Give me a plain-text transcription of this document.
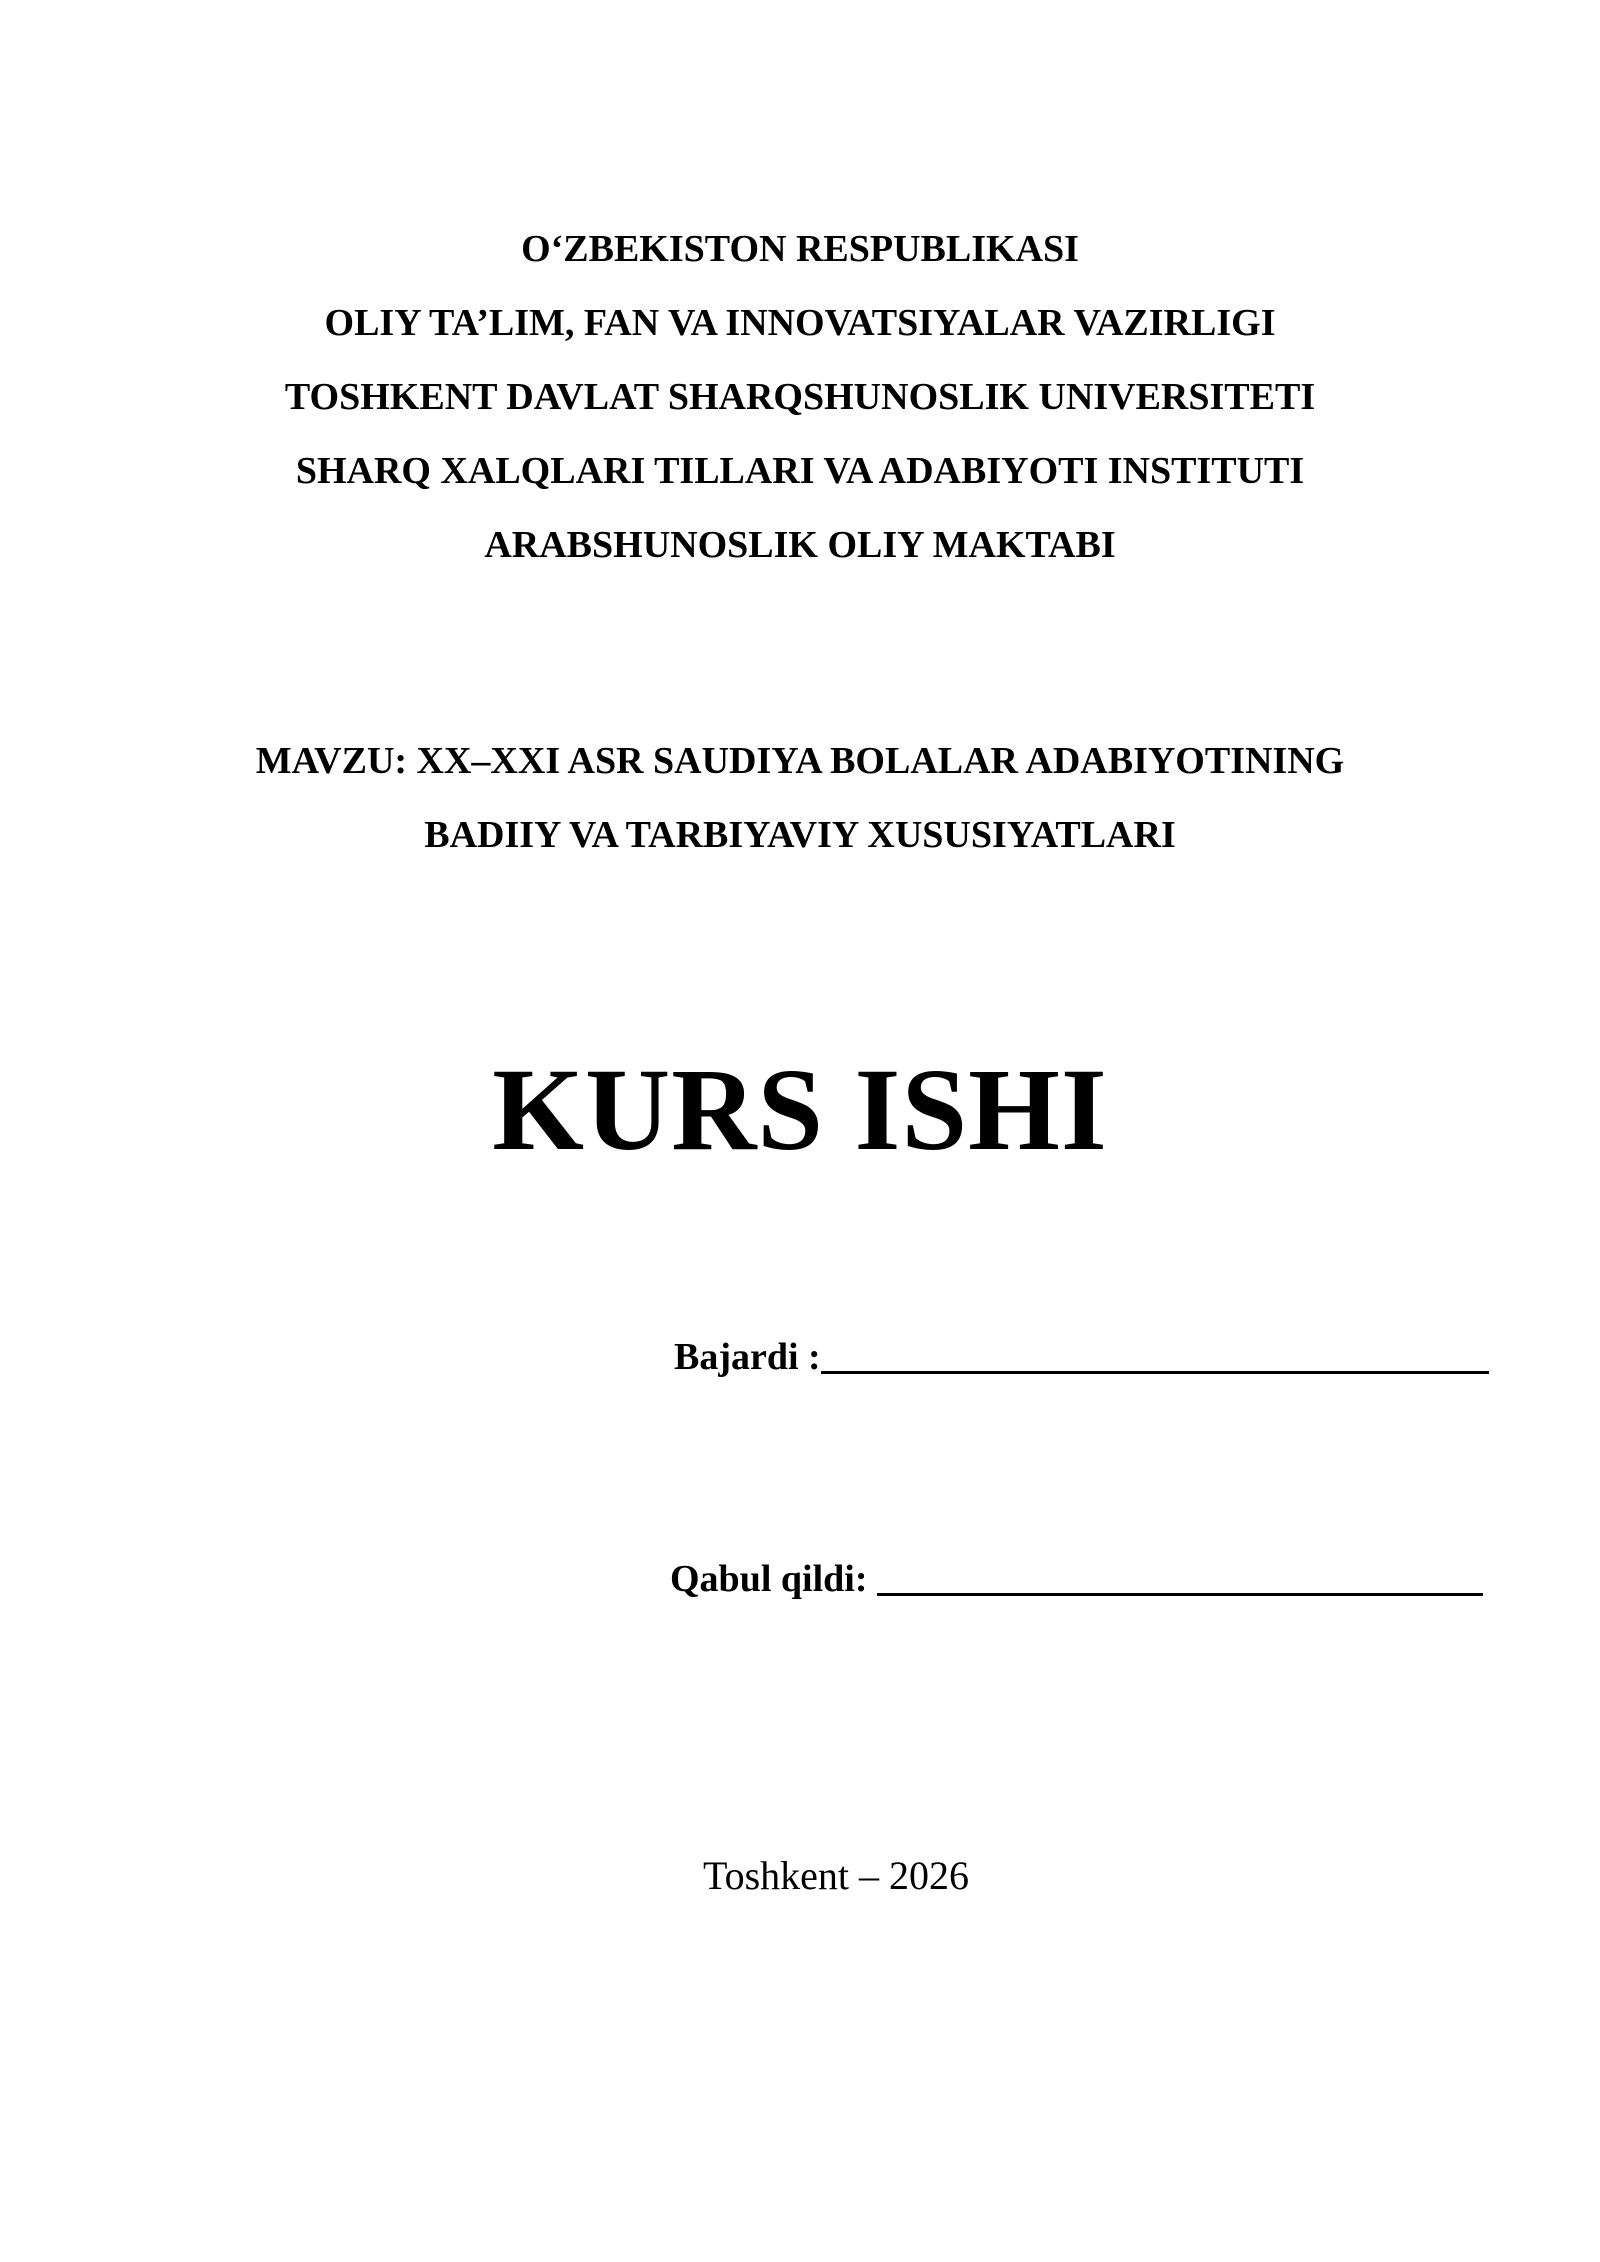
O‘ZBEKISTON RESPUBLIKASI
OLIY TA’LIM, FAN VA INNOVATSIYALAR VAZIRLIGI
TOSHKENT DAVLAT SHARQSHUNOSLIK UNIVERSITETI
SHARQ XALQLARI TILLARI VA ADABIYOTI INSTITUTI
ARABSHUNOSLIK OLIY MAKTABI
MAVZU: XX–XXI ASR SAUDIYA BOLALAR ADABIYOTINING
BADIIY VA TARBIYAVIY XUSUSIYATLARI
KURS ISHI
Bajardi :
Qabul qildi:
Toshkent – 2026
